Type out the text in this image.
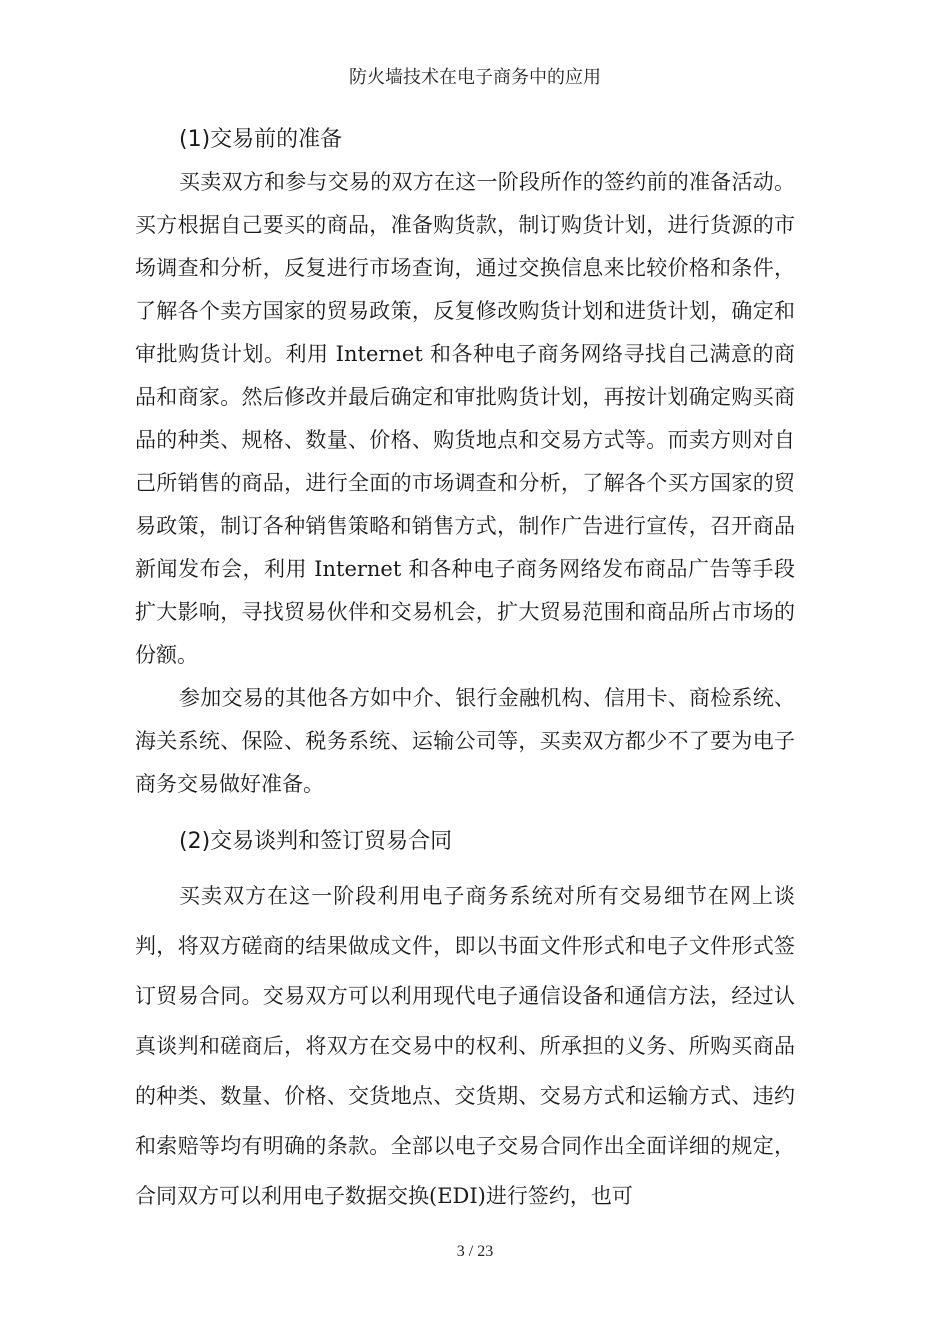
防火墙技术在电子商务中的应用
(1)交易前的准备

买卖双方和参与交易的双方在这一阶段所作的签约前的准备活动。买方根据自己要买的商品，准备购货款，制订购货计划，进行货源的市场调查和分析，反复进行市场查询，通过交换信息来比较价格和条件，了解各个卖方国家的贸易政策，反复修改购货计划和进货计划，确定和审批购货计划。利用 Internet 和各种电子商务网络寻找自己满意的商品和商家。然后修改并最后确定和审批购货计划，再按计划确定购买商品的种类、规格、数量、价格、购货地点和交易方式等。而卖方则对自己所销售的商品，进行全面的市场调查和分析，了解各个买方国家的贸易政策，制订各种销售策略和销售方式，制作广告进行宣传，召开商品新闻发布会，利用 Internet 和各种电子商务网络发布商品广告等手段扩大影响，寻找贸易伙伴和交易机会，扩大贸易范围和商品所占市场的份额。

参加交易的其他各方如中介、银行金融机构、信用卡、商检系统、海关系统、保险、税务系统、运输公司等，买卖双方都少不了要为电子商务交易做好准备。

(2)交易谈判和签订贸易合同

买卖双方在这一阶段利用电子商务系统对所有交易细节在网上谈判，将双方磋商的结果做成文件，即以书面文件形式和电子文件形式签订贸易合同。交易双方可以利用现代电子通信设备和通信方法，经过认真谈判和磋商后，将双方在交易中的权利、所承担的义务、所购买商品的种类、数量、价格、交货地点、交货期、交易方式和运输方式、违约和索赔等均有明确的条款。全部以电子交易合同作出全面详细的规定，合同双方可以利用电子数据交换(EDI)进行签约，也可

3 / 23
